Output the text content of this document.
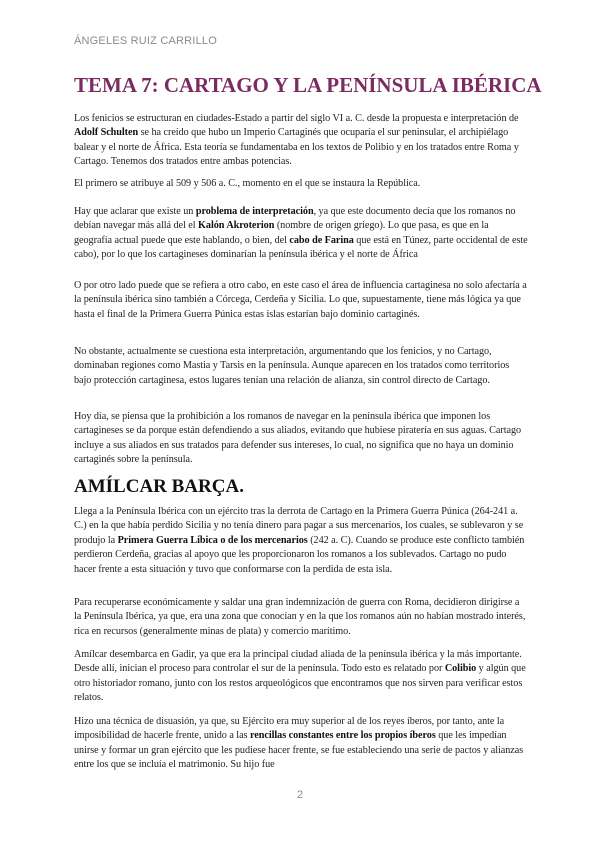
ÁNGELES RUIZ CARRILLO
TEMA 7: CARTAGO Y LA PENÍNSULA IBÉRICA

Los fenicios se estructuran en ciudades-Estado a partir del siglo VI a. C. desde la propuesta e interpretación de Adolf Schulten se ha creído que hubo un Imperio Cartaginés que ocuparía el sur peninsular, el archipiélago balear y el norte de África. Esta teoría se fundamentaba en los textos de Polibio y en los tratados entre Roma y Cartago. Tenemos dos tratados entre ambas potencias.

El primero se atribuye al 509 y 506 a. C., momento en el que se instaura la República.

Hay que aclarar que existe un problema de interpretación, ya que este documento decía que los romanos no debían navegar más allá del el Kalón Akroterion (nombre de origen griego). Lo que pasa, es que en la geografía actual puede que este hablando, o bien, del cabo de Farina que está en Túnez, parte occidental de este cabo), por lo que los cartagineses dominarían la península ibérica y el norte de África

O por otro lado puede que se refiera a otro cabo, en este caso el área de influencia cartaginesa no solo afectaría a la península ibérica sino también a Córcega, Cerdeña y Sicilia. Lo que, supuestamente, tiene más lógica ya que hasta el final de la Primera Guerra Púnica estas islas estarían bajo dominio cartaginés.

No obstante, actualmente se cuestiona esta interpretación, argumentando que los fenicios, y no Cartago, dominaban regiones como Mastia y Tarsis en la península. Aunque aparecen en los tratados como territorios bajo protección cartaginesa, estos lugares tenían una relación de alianza, sin control directo de Cartago.

Hoy día, se piensa que la prohibición a los romanos de navegar en la península ibérica que imponen los cartagineses se da porque están defendiendo a sus aliados, evitando que hubiese piratería en sus aguas. Cartago incluye a sus aliados en sus tratados para defender sus intereses, lo cual, no significa que no haya un dominio cartaginés sobre la península.

AMÍLCAR BARÇA.

Llega a la Península Ibérica con un ejército tras la derrota de Cartago en la Primera Guerra Púnica (264-241 a. C.) en la que había perdido Sicilia y no tenía dinero para pagar a sus mercenarios, los cuales, se sublevaron y se produjo la Primera Guerra Líbica o de los mercenarios (242 a. C). Cuando se produce este conflicto también perdieron Cerdeña, gracias al apoyo que les proporcionaron los romanos a los sublevados. Cartago no pudo hacer frente a esta situación y tuvo que conformarse con la perdida de esta isla.

Para recuperarse económicamente y saldar una gran indemnización de guerra con Roma, decidieron dirigirse a la Península Ibérica, ya que, era una zona que conocían y en la que los romanos aún no habían mostrado interés, rica en recursos (generalmente minas de plata) y comercio marítimo.

Amílcar desembarca en Gadir, ya que era la principal ciudad aliada de la península ibérica y la más importante. Desde allí, inician el proceso para controlar el sur de la península. Todo esto es relatado por Colibio y algún que otro historiador romano, junto con los restos arqueológicos que encontramos que nos sirven para verificar estos relatos.

Hizo una técnica de disuasión, ya que, su Ejército era muy superior al de los reyes íberos, por tanto, ante la imposibilidad de hacerle frente, unido a las rencillas constantes entre los propios íberos que les impedían unirse y formar un gran ejército que les pudiese hacer frente, se fue estableciendo una serie de pactos y alianzas entre los que se incluía el matrimonio. Su hijo fue

2
